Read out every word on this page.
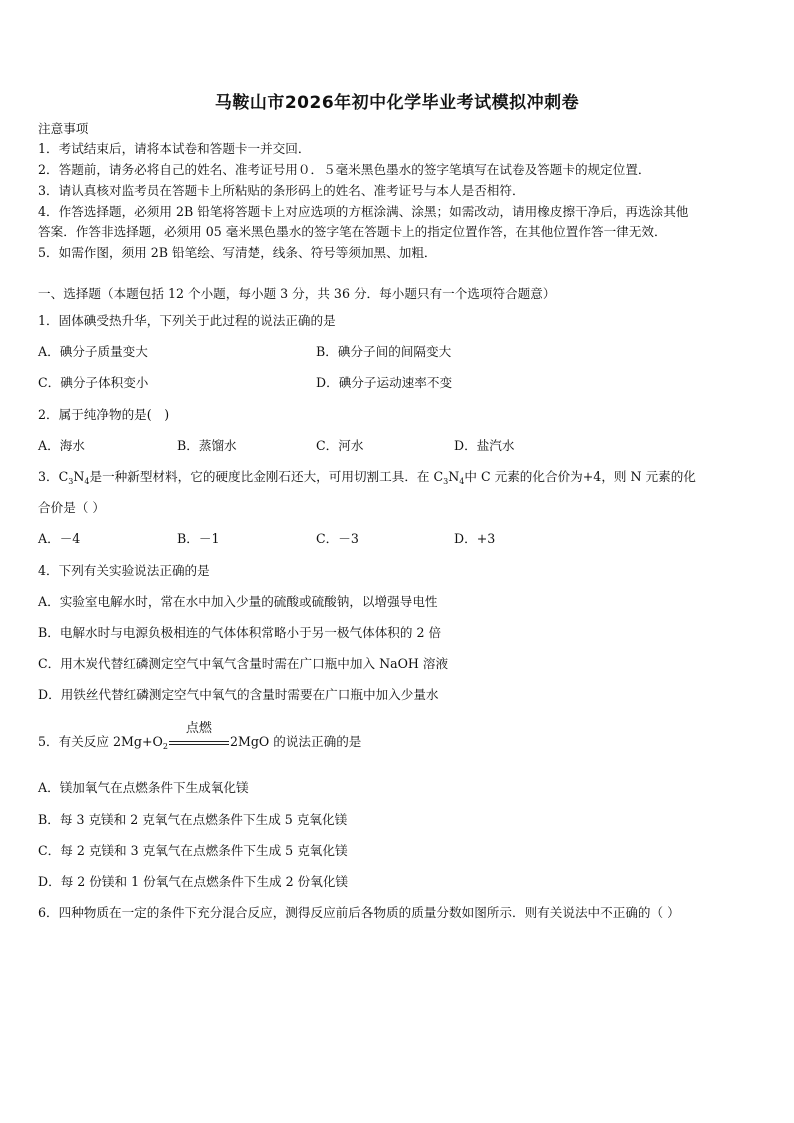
马鞍山市2026年初中化学毕业考试模拟冲刺卷
注意事项
1．考试结束后，请将本试卷和答题卡一并交回．
2．答题前，请务必将自己的姓名、准考证号用０．５毫米黑色墨水的签字笔填写在试卷及答题卡的规定位置．
3．请认真核对监考员在答题卡上所粘贴的条形码上的姓名、准考证号与本人是否相符．
4．作答选择题，必须用 2B 铅笔将答题卡上对应选项的方框涂满、涂黑；如需改动，请用橡皮擦干净后，再选涂其他
答案．作答非选择题，必须用 05 毫米黑色墨水的签字笔在答题卡上的指定位置作答，在其他位置作答一律无效．
5．如需作图，须用 2B 铅笔绘、写清楚，线条、符号等须加黑、加粗．
一、选择题（本题包括 12 个小题，每小题 3 分，共 36 分．每小题只有一个选项符合题意）
1．固体碘受热升华，下列关于此过程的说法正确的是
A．碘分子质量变大	B．碘分子间的间隔变大
C．碘分子体积变小	D．碘分子运动速率不变
2．属于纯净物的是(　)
A．海水	B．蒸馏水	C．河水	D．盐汽水
3．$C_3N_4$是一种新型材料，它的硬度比金刚石还大，可用切割工具．在 $C_3N_4$中 C 元素的化合价为+4，则 N 元素的化
合价是（ ）
A．－4	B．－1	C．－3	D．+3
4．下列有关实验说法正确的是
A．实验室电解水时，常在水中加入少量的硫酸或硫酸钠，以增强导电性
B．电解水时与电源负极相连的气体体积常略小于另一极气体体积的 2 倍
C．用木炭代替红磷测定空气中氧气含量时需在广口瓶中加入 NaOH 溶液
D．用铁丝代替红磷测定空气中氧气的含量时需要在广口瓶中加入少量水
5．有关反应 $2Mg+O_2$
点燃
2MgO 的说法正确的是
A．镁加氧气在点燃条件下生成氧化镁
B．每 3 克镁和 2 克氧气在点燃条件下生成 5 克氧化镁
C．每 2 克镁和 3 克氧气在点燃条件下生成 5 克氧化镁
D．每 2 份镁和 1 份氧气在点燃条件下生成 2 份氧化镁
6．四种物质在一定的条件下充分混合反应，测得反应前后各物质的质量分数如图所示．则有关说法中不正确的（ ）
